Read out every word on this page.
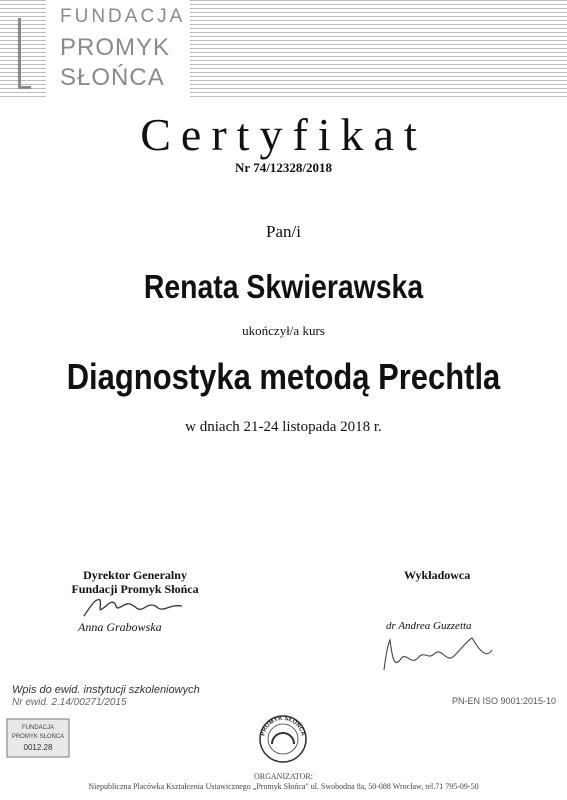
FUNDACJA
PROMYK
SŁOŃCA
Certyfikat
Nr 74/12328/2018
Pan/i
Renata Skwierawska
ukończył/a kurs
Diagnostyka metodą Prechtla
w dniach 21-24 listopada 2018 r.
Dyrektor Generalny Fundacji Promyk Słońca
Anna Grabowska
Wykładowca
dr Andrea Guzzetta
Wpis do ewid. instytucji szkoleniowych
Nr ewid. 2.14/00271/2015	PN-EN ISO 9001:2015-10
FUNDACJA
PROMYK SŁOŃCA
0012.28
PROMYK SŁOŃCA
ORGANIZATOR:
Niepubliczna Placówka Kształcenia Ustawicznego „Promyk Słońca" ul. Swobodna 8a, 50-088 Wrocław, tel.71 795-09-50
